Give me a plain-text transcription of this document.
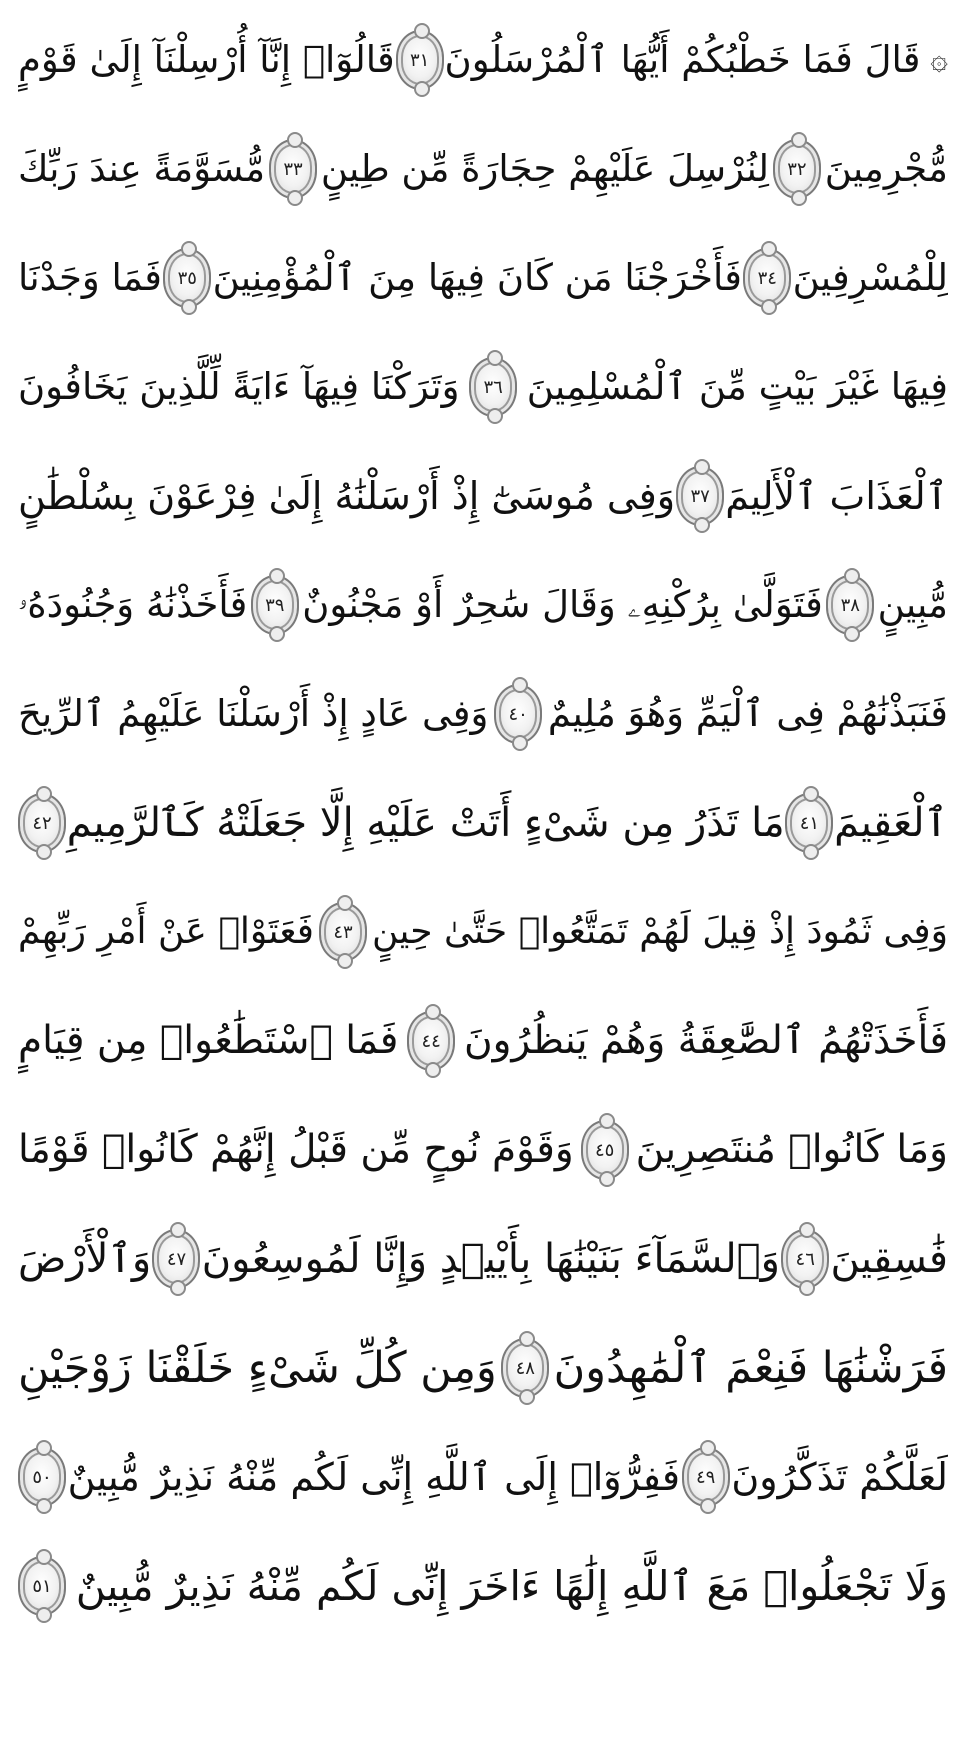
۞
قَالَ فَمَا خَطْبُكُمْ أَيُّهَا ٱلْمُرْسَلُونَ
٣١
قَالُوٓا۟ إِنَّآ أُرْسِلْنَآ إِلَىٰ قَوْمٍ
مُّجْرِمِينَ
٣٢
لِنُرْسِلَ عَلَيْهِمْ حِجَارَةً مِّن طِينٍ
٣٣
مُّسَوَّمَةً عِندَ رَبِّكَ
لِلْمُسْرِفِينَ
٣٤
فَأَخْرَجْنَا مَن كَانَ فِيهَا مِنَ ٱلْمُؤْمِنِينَ
٣٥
فَمَا وَجَدْنَا
فِيهَا غَيْرَ بَيْتٍ مِّنَ ٱلْمُسْلِمِينَ
٣٦
وَتَرَكْنَا فِيهَآ ءَايَةً لِّلَّذِينَ يَخَافُونَ
ٱلْعَذَابَ ٱلْأَلِيمَ
٣٧
وَفِى مُوسَىٰٓ إِذْ أَرْسَلْنَٰهُ إِلَىٰ فِرْعَوْنَ بِسُلْطَٰنٍ
مُّبِينٍ
٣٨
فَتَوَلَّىٰ بِرُكْنِهِۦ وَقَالَ سَٰحِرٌ أَوْ مَجْنُونٌ
٣٩
فَأَخَذْنَٰهُ وَجُنُودَهُۥ
فَنَبَذْنَٰهُمْ فِى ٱلْيَمِّ وَهُوَ مُلِيمٌ
٤٠
وَفِى عَادٍ إِذْ أَرْسَلْنَا عَلَيْهِمُ ٱلرِّيحَ
ٱلْعَقِيمَ
٤١
مَا تَذَرُ مِن شَىْءٍ أَتَتْ عَلَيْهِ إِلَّا جَعَلَتْهُ كَٱلرَّمِيمِ
٤٢
وَفِى ثَمُودَ إِذْ قِيلَ لَهُمْ تَمَتَّعُوا۟ حَتَّىٰ حِينٍ
٤٣
فَعَتَوْا۟ عَنْ أَمْرِ رَبِّهِمْ
فَأَخَذَتْهُمُ ٱلصَّٰعِقَةُ وَهُمْ يَنظُرُونَ
٤٤
فَمَا ٱسْتَطَٰعُوا۟ مِن قِيَامٍ
وَمَا كَانُوا۟ مُنتَصِرِينَ
٤٥
وَقَوْمَ نُوحٍ مِّن قَبْلُ إِنَّهُمْ كَانُوا۟ قَوْمًا
فَٰسِقِينَ
٤٦
وَٱلسَّمَآءَ بَنَيْنَٰهَا بِأَيْي۟دٍ وَإِنَّا لَمُوسِعُونَ
٤٧
وَٱلْأَرْضَ
فَرَشْنَٰهَا فَنِعْمَ ٱلْمَٰهِدُونَ
٤٨
وَمِن كُلِّ شَىْءٍ خَلَقْنَا زَوْجَيْنِ
لَعَلَّكُمْ تَذَكَّرُونَ
٤٩
فَفِرُّوٓا۟ إِلَى ٱللَّهِ إِنِّى لَكُم مِّنْهُ نَذِيرٌ مُّبِينٌ
٥٠
وَلَا تَجْعَلُوا۟ مَعَ ٱللَّهِ إِلَٰهًا ءَاخَرَ إِنِّى لَكُم مِّنْهُ نَذِيرٌ مُّبِينٌ
٥١
